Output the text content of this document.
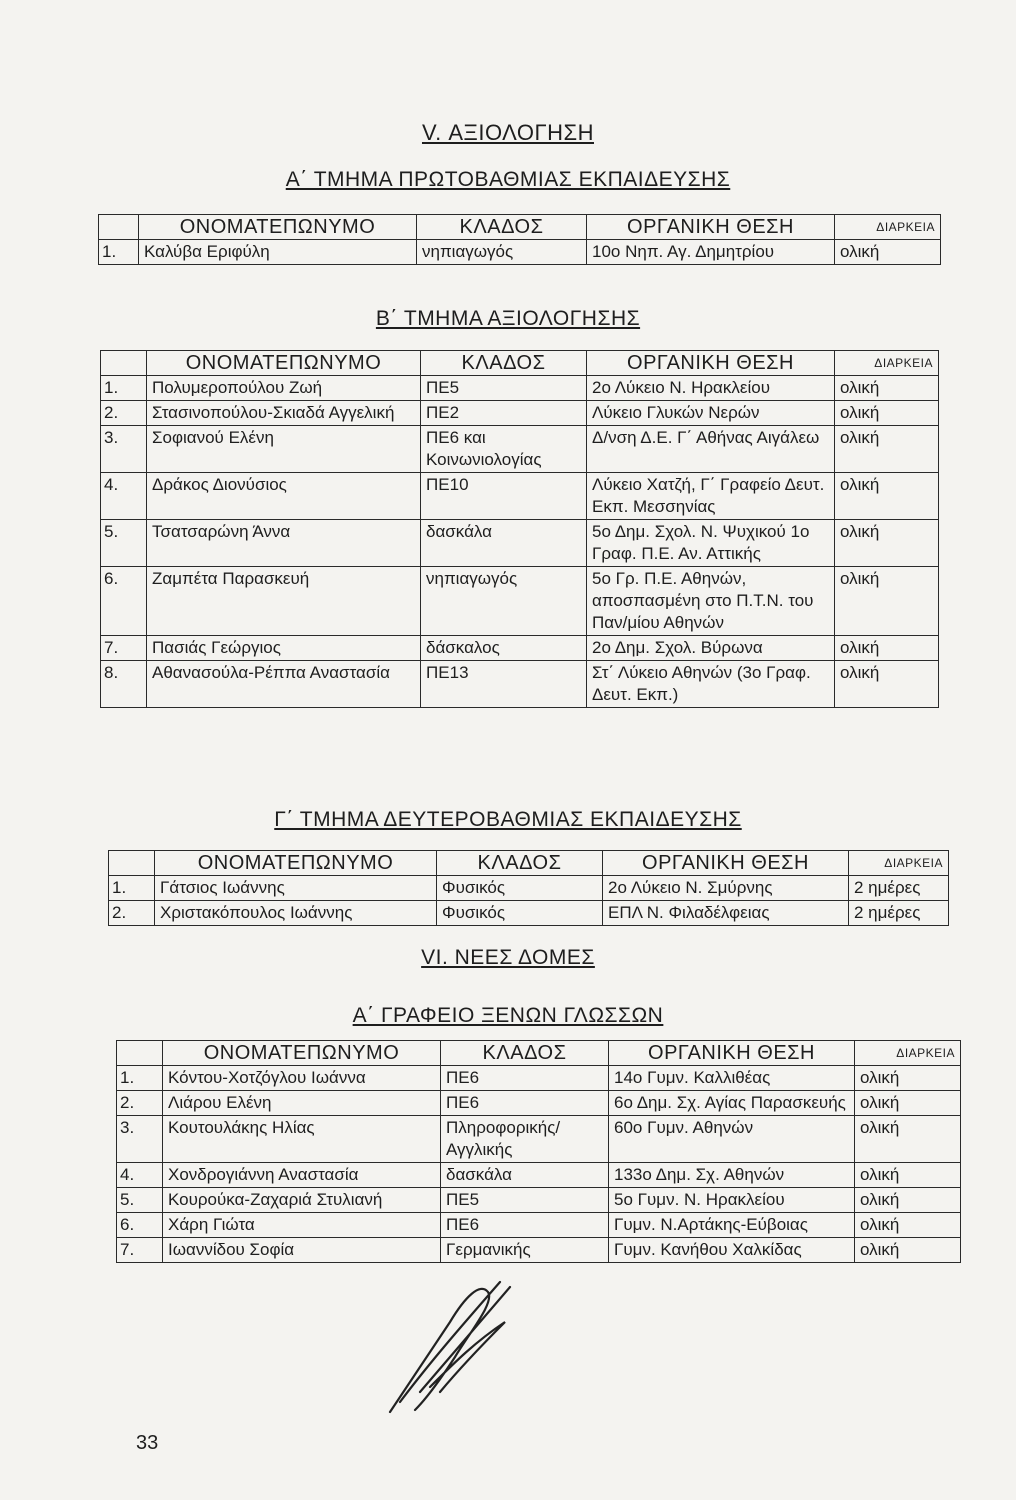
V. ΑΞΙΟΛΟΓΗΣΗ
Α΄ ΤΜΗΜΑ ΠΡΩΤΟΒΑΘΜΙΑΣ ΕΚΠΑΙΔΕΥΣΗΣ
	ΟΝΟΜΑΤΕΠΩΝΥΜΟ	ΚΛΑΔΟΣ	ΟΡΓΑΝΙΚΗ ΘΕΣΗ	ΔΙΑΡΚΕΙΑ
1.	Καλύβα Εριφύλη	νηπιαγωγός	10ο Νηπ. Αγ. Δημητρίου	ολική
Β΄ ΤΜΗΜΑ ΑΞΙΟΛΟΓΗΣΗΣ
	ΟΝΟΜΑΤΕΠΩΝΥΜΟ	ΚΛΑΔΟΣ	ΟΡΓΑΝΙΚΗ ΘΕΣΗ	ΔΙΑΡΚΕΙΑ
1.	Πολυμεροπούλου Ζωή	ΠΕ5	2ο Λύκειο Ν. Ηρακλείου	ολική
2.	Στασινοπούλου-Σκιαδά Αγγελική	ΠΕ2	Λύκειο Γλυκών Νερών	ολική
3.	Σοφιανού Ελένη	ΠΕ6 και Κοινωνιολογίας	Δ/νση Δ.Ε. Γ΄ Αθήνας Αιγάλεω	ολική
4.	Δράκος Διονύσιος	ΠΕ10	Λύκειο Χατζή, Γ΄ Γραφείο Δευτ. Εκπ. Μεσσηνίας	ολική
5.	Τσατσαρώνη Άννα	δασκάλα	5ο Δημ. Σχολ. Ν. Ψυχικού 1ο Γραφ. Π.Ε. Αν. Αττικής	ολική
6.	Ζαμπέτα Παρασκευή	νηπιαγωγός	5ο Γρ. Π.Ε. Αθηνών, αποσπασμένη στο Π.Τ.Ν. του Παν/μίου Αθηνών	ολική
7.	Πασιάς Γεώργιος	δάσκαλος	2ο Δημ. Σχολ. Βύρωνα	ολική
8.	Αθανασούλα-Ρέππα Αναστασία	ΠΕ13	Στ΄ Λύκειο Αθηνών (3ο Γραφ. Δευτ. Εκπ.)	ολική
Γ΄ ΤΜΗΜΑ ΔΕΥΤΕΡΟΒΑΘΜΙΑΣ ΕΚΠΑΙΔΕΥΣΗΣ
	ΟΝΟΜΑΤΕΠΩΝΥΜΟ	ΚΛΑΔΟΣ	ΟΡΓΑΝΙΚΗ ΘΕΣΗ	ΔΙΑΡΚΕΙΑ
1.	Γάτσιος Ιωάννης	Φυσικός	2ο Λύκειο Ν. Σμύρνης	2 ημέρες
2.	Χριστακόπουλος Ιωάννης	Φυσικός	ΕΠΛ Ν. Φιλαδέλφειας	2 ημέρες
VI. ΝΕΕΣ ΔΟΜΕΣ
Α΄ ΓΡΑΦΕΙΟ ΞΕΝΩΝ ΓΛΩΣΣΩΝ
	ΟΝΟΜΑΤΕΠΩΝΥΜΟ	ΚΛΑΔΟΣ	ΟΡΓΑΝΙΚΗ ΘΕΣΗ	ΔΙΑΡΚΕΙΑ
1.	Κόντου-Χοτζόγλου Ιωάννα	ΠΕ6	14ο Γυμν. Καλλιθέας	ολική
2.	Λιάρου Ελένη	ΠΕ6	6ο Δημ. Σχ. Αγίας Παρασκευής	ολική
3.	Κουτουλάκης Ηλίας	Πληροφορικής/ Αγγλικής	60ο Γυμν. Αθηνών	ολική
4.	Χονδρογιάννη Αναστασία	δασκάλα	133ο Δημ. Σχ. Αθηνών	ολική
5.	Κουρούκα-Ζαχαριά Στυλιανή	ΠΕ5	5ο Γυμν. Ν. Ηρακλείου	ολική
6.	Χάρη Γιώτα	ΠΕ6	Γυμν. Ν.Αρτάκης-Εύβοιας	ολική
7.	Ιωαννίδου Σοφία	Γερμανικής	Γυμν. Κανήθου Χαλκίδας	ολική
33
